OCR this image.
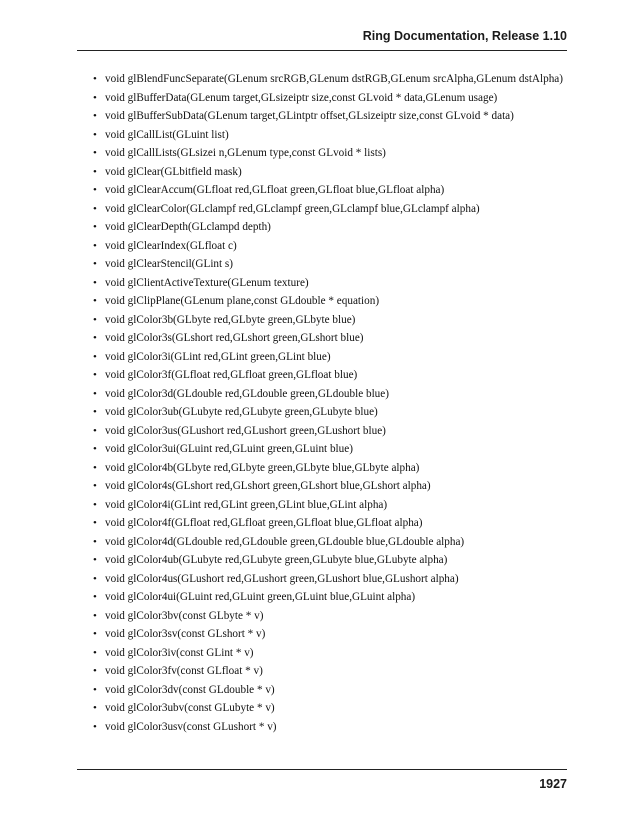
Ring Documentation, Release 1.10
• void glBlendFuncSeparate(GLenum srcRGB,GLenum dstRGB,GLenum srcAlpha,GLenum dstAlpha)
• void glBufferData(GLenum target,GLsizeiptr size,const GLvoid * data,GLenum usage)
• void glBufferSubData(GLenum target,GLintptr offset,GLsizeiptr size,const GLvoid * data)
• void glCallList(GLuint list)
• void glCallLists(GLsizei n,GLenum type,const GLvoid * lists)
• void glClear(GLbitfield mask)
• void glClearAccum(GLfloat red,GLfloat green,GLfloat blue,GLfloat alpha)
• void glClearColor(GLclampf red,GLclampf green,GLclampf blue,GLclampf alpha)
• void glClearDepth(GLclampd depth)
• void glClearIndex(GLfloat c)
• void glClearStencil(GLint s)
• void glClientActiveTexture(GLenum texture)
• void glClipPlane(GLenum plane,const GLdouble * equation)
• void glColor3b(GLbyte red,GLbyte green,GLbyte blue)
• void glColor3s(GLshort red,GLshort green,GLshort blue)
• void glColor3i(GLint red,GLint green,GLint blue)
• void glColor3f(GLfloat red,GLfloat green,GLfloat blue)
• void glColor3d(GLdouble red,GLdouble green,GLdouble blue)
• void glColor3ub(GLubyte red,GLubyte green,GLubyte blue)
• void glColor3us(GLushort red,GLushort green,GLushort blue)
• void glColor3ui(GLuint red,GLuint green,GLuint blue)
• void glColor4b(GLbyte red,GLbyte green,GLbyte blue,GLbyte alpha)
• void glColor4s(GLshort red,GLshort green,GLshort blue,GLshort alpha)
• void glColor4i(GLint red,GLint green,GLint blue,GLint alpha)
• void glColor4f(GLfloat red,GLfloat green,GLfloat blue,GLfloat alpha)
• void glColor4d(GLdouble red,GLdouble green,GLdouble blue,GLdouble alpha)
• void glColor4ub(GLubyte red,GLubyte green,GLubyte blue,GLubyte alpha)
• void glColor4us(GLushort red,GLushort green,GLushort blue,GLushort alpha)
• void glColor4ui(GLuint red,GLuint green,GLuint blue,GLuint alpha)
• void glColor3bv(const GLbyte * v)
• void glColor3sv(const GLshort * v)
• void glColor3iv(const GLint * v)
• void glColor3fv(const GLfloat * v)
• void glColor3dv(const GLdouble * v)
• void glColor3ubv(const GLubyte * v)
• void glColor3usv(const GLushort * v)
1927
